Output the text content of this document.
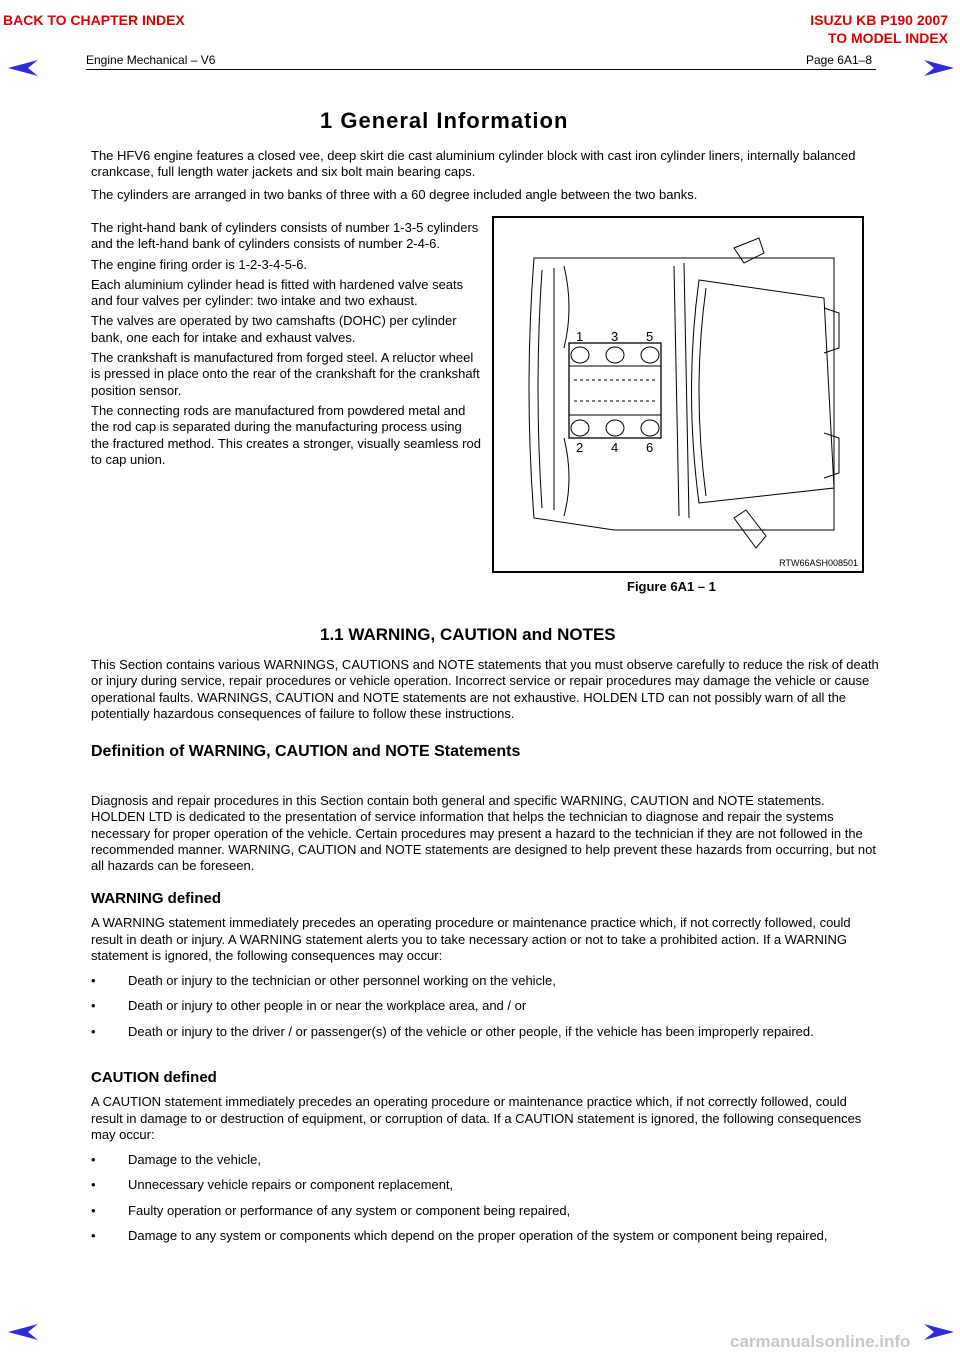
BACK TO CHAPTER INDEX	ISUZU KB P190 2007
TO MODEL INDEX
Engine Mechanical – V6	Page 6A1–8
1 General Information

The HFV6 engine features a closed vee, deep skirt die cast aluminium cylinder block with cast iron cylinder liners, internally balanced crankcase, full length water jackets and six bolt main bearing caps.

The cylinders are arranged in two banks of three with a 60 degree included angle between the two banks.

The right-hand bank of cylinders consists of number 1-3-5 cylinders and the left-hand bank of cylinders consists of number 2-4-6.

The engine firing order is 1-2-3-4-5-6.

Each aluminium cylinder head is fitted with hardened valve seats and four valves per cylinder: two intake and two exhaust.

The valves are operated by two camshafts (DOHC) per cylinder bank, one each for intake and exhaust valves.

The crankshaft is manufactured from forged steel. A reluctor wheel is pressed in place onto the rear of the crankshaft for the crankshaft position sensor.

The connecting rods are manufactured from powdered metal and the rod cap is separated during the manufacturing process using the fractured method. This creates a stronger, visually seamless rod to cap union.

1 3 5
2 4 6
RTW66ASH008501
Figure 6A1 – 1
1.1 WARNING, CAUTION and NOTES

This Section contains various WARNINGS, CAUTIONS and NOTE statements that you must observe carefully to reduce the risk of death or injury during service, repair procedures or vehicle operation. Incorrect service or repair procedures may damage the vehicle or cause operational faults. WARNINGS, CAUTION and NOTE statements are not exhaustive. HOLDEN LTD can not possibly warn of all the potentially hazardous consequences of failure to follow these instructions.

Definition of WARNING, CAUTION and NOTE Statements

Diagnosis and repair procedures in this Section contain both general and specific WARNING, CAUTION and NOTE statements. HOLDEN LTD is dedicated to the presentation of service information that helps the technician to diagnose and repair the systems necessary for proper operation of the vehicle. Certain procedures may present a hazard to the technician if they are not followed in the recommended manner. WARNING, CAUTION and NOTE statements are designed to help prevent these hazards from occurring, but not all hazards can be foreseen.

WARNING defined

A WARNING statement immediately precedes an operating procedure or maintenance practice which, if not correctly followed, could result in death or injury. A WARNING statement alerts you to take necessary action or not to take a prohibited action. If a WARNING statement is ignored, the following consequences may occur:

• Death or injury to the technician or other personnel working on the vehicle,
• Death or injury to other people in or near the workplace area, and / or
• Death or injury to the driver / or passenger(s) of the vehicle or other people, if the vehicle has been improperly repaired.

CAUTION defined

A CAUTION statement immediately precedes an operating procedure or maintenance practice which, if not correctly followed, could result in damage to or destruction of equipment, or corruption of data. If a CAUTION statement is ignored, the following consequences may occur:

• Damage to the vehicle,
• Unnecessary vehicle repairs or component replacement,
• Faulty operation or performance of any system or component being repaired,
• Damage to any system or components which depend on the proper operation of the system or component being repaired,
carmanualsonline.info
